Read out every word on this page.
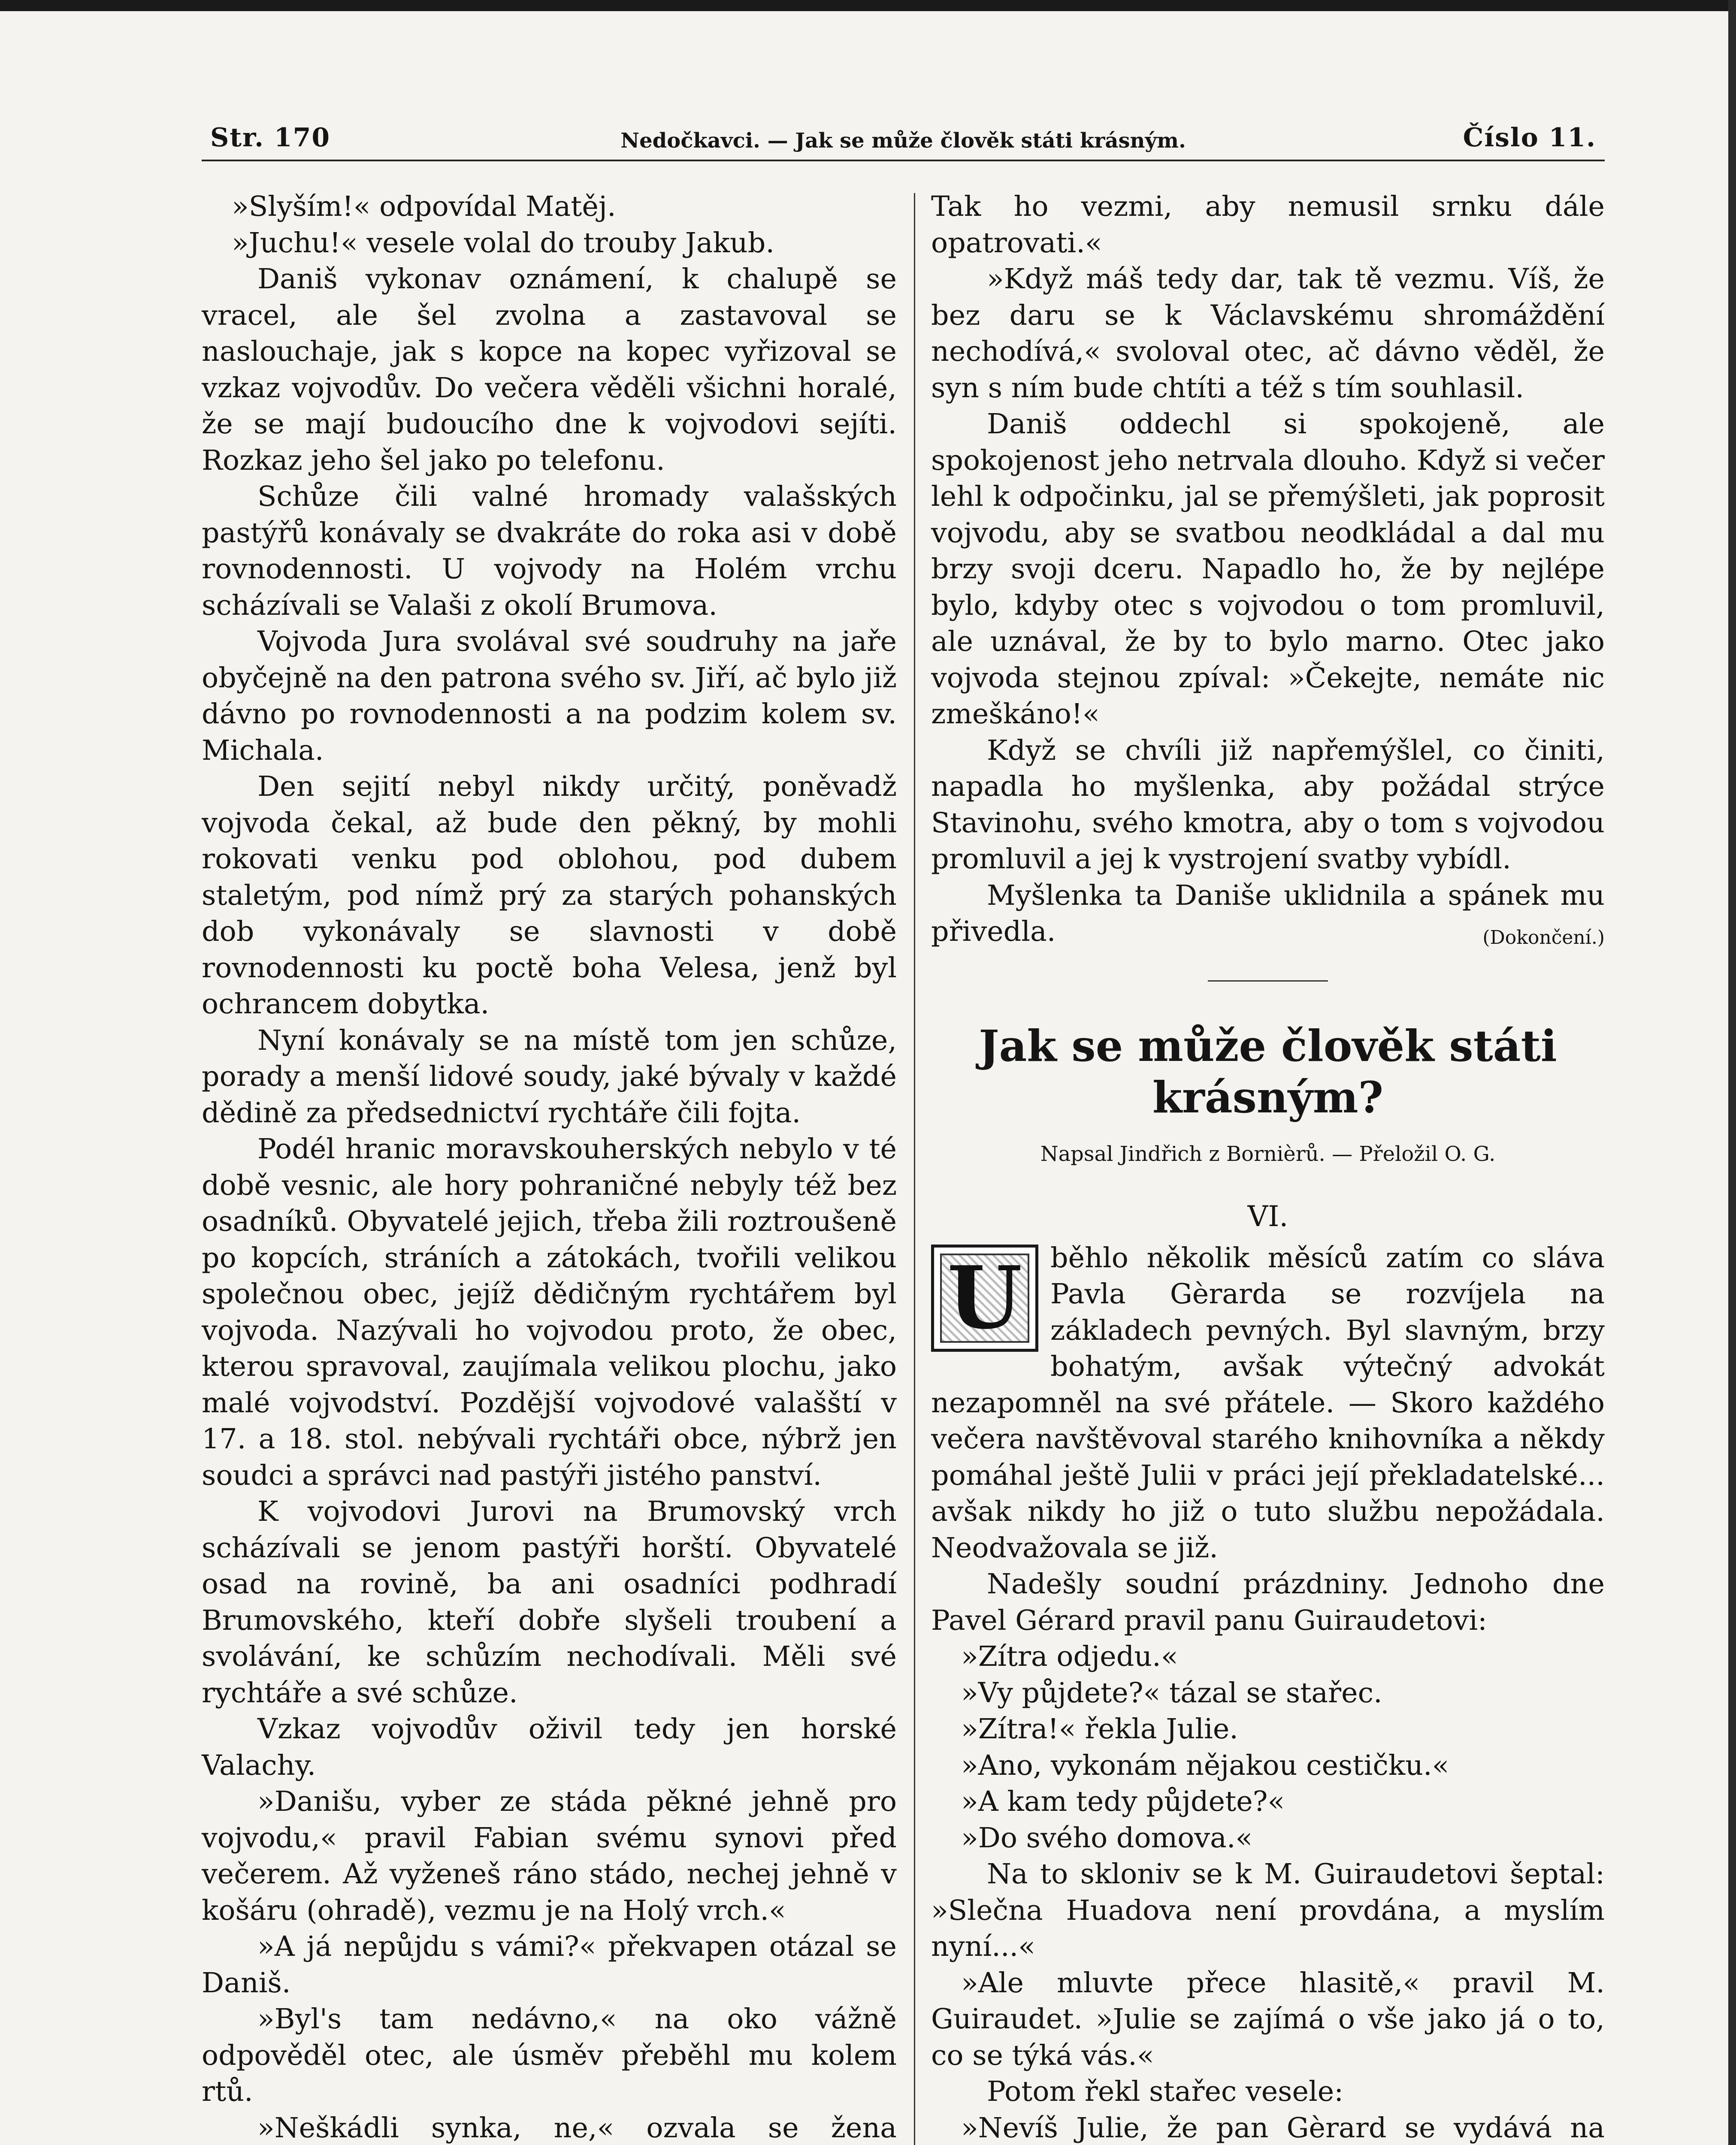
Str. 170	Nedočkavci. — Jak se může člověk státi krásným.	Číslo 11.

»Slyším!« odpovídal Matěj.

»Juchu!« vesele volal do trouby Jakub.

Daniš vykonav oznámení, k chalupě se vracel, ale šel zvolna a zastavoval se naslouchaje, jak s kopce na kopec vyřizoval se vzkaz vojvodův. Do večera věděli všichni horalé, že se mají budoucího dne k vojvodovi sejíti. Rozkaz jeho šel jako po telefonu.

Schůze čili valné hromady valašských pastýřů konávaly se dvakráte do roka asi v době rovnodennosti. U vojvody na Holém vrchu scházívali se Valaši z okolí Brumova.

Vojvoda Jura svolával své soudruhy na jaře obyčejně na den patrona svého sv. Jiří, ač bylo již dávno po rovnodennosti a na podzim kolem sv. Michala.

Den sejití nebyl nikdy určitý, poněvadž vojvoda čekal, až bude den pěkný, by mohli rokovati venku pod oblohou, pod dubem staletým, pod nímž prý za starých pohanských dob vykonávaly se slavnosti v době rovnodennosti ku poctě boha Velesa, jenž byl ochrancem dobytka.

Nyní konávaly se na místě tom jen schůze, porady a menší lidové soudy, jaké bývaly v každé dědině za předsednictví rychtáře čili fojta.

Podél hranic moravskouherských nebylo v té době vesnic, ale hory pohraničné nebyly též bez osadníků. Obyvatelé jejich, třeba žili roztroušeně po kopcích, stráních a zátokách, tvořili velikou společnou obec, jejíž dědičným rychtářem byl vojvoda. Nazývali ho vojvodou proto, že obec, kterou spravoval, zaujímala velikou plochu, jako malé vojvodství. Pozdější vojvodové valašští v 17. a 18. stol. nebývali rychtáři obce, nýbrž jen soudci a správci nad pastýři jistého panství.

K vojvodovi Jurovi na Brumovský vrch scházívali se jenom pastýři horští. Obyvatelé osad na rovině, ba ani osadníci podhradí Brumovského, kteří dobře slyšeli troubení a svolávání, ke schůzím nechodívali. Měli své rychtáře a své schůze.

Vzkaz vojvodův oživil tedy jen horské Valachy.

»Danišu, vyber ze stáda pěkné jehně pro vojvodu,« pravil Fabian svému synovi před večerem. Až vyženeš ráno stádo, nechej jehně v košáru (ohradě), vezmu je na Holý vrch.«

»A já nepůjdu s vámi?« překvapen otázal se Daniš.

»Byl's tam nedávno,« na oko vážně odpověděl otec, ale úsměv přeběhl mu kolem rtů.

»Neškádli synka, ne,« ozvala se žena

Tak ho vezmi, aby nemusil srnku dále opatrovati.«

»Když máš tedy dar, tak tě vezmu. Víš, že bez daru se k Václavskému shromáždění nechodívá,« svoloval otec, ač dávno věděl, že syn s ním bude chtíti a též s tím souhlasil.

Daniš oddechl si spokojeně, ale spokojenost jeho netrvala dlouho. Když si večer lehl k odpočinku, jal se přemýšleti, jak poprosit vojvodu, aby se svatbou neodkládal a dal mu brzy svoji dceru. Napadlo ho, že by nejlépe bylo, kdyby otec s vojvodou o tom promluvil, ale uznával, že by to bylo marno. Otec jako vojvoda stejnou zpíval: »Čekejte, nemáte nic zmeškáno!«

Když se chvíli již napřemýšlel, co činiti, napadla ho myšlenka, aby požádal strýce Stavinohu, svého kmotra, aby o tom s vojvodou promluvil a jej k vystrojení svatby vybídl.

Myšlenka ta Daniše uklidnila a spánek mu přivedla.	(Dokončení.)

Jak se může člověk státi krásným?
Napsal Jindřich z Bornièrů. — Přeložil O. G.
VI.

U	běhlo několik měsíců zatím co sláva Pavla Gèrarda se rozvíjela na základech pevných. Byl slavným, brzy bohatým, avšak výtečný advokát nezapomněl na své přátele. — Skoro každého večera navštěvoval starého knihovníka a někdy pomáhal ještě Julii v práci její překladatelské... avšak nikdy ho již o tuto službu nepožádala. Neodvažovala se již.

Nadešly soudní prázdniny. Jednoho dne Pavel Gérard pravil panu Guiraudetovi:

»Zítra odjedu.«

»Vy půjdete?« tázal se stařec.

»Zítra!« řekla Julie.

»Ano, vykonám nějakou cestičku.«

»A kam tedy půjdete?«

»Do svého domova.«

Na to skloniv se k M. Guiraudetovi šeptal: »Slečna Huadova není provdána, a myslím nyní...«

»Ale mluvte přece hlasitě,« pravil M. Guiraudet. »Julie se zajímá o vše jako já o to, co se týká vás.«

Potom řekl stařec vesele:

»Nevíš Julie, že pan Gèrard se vydává na
